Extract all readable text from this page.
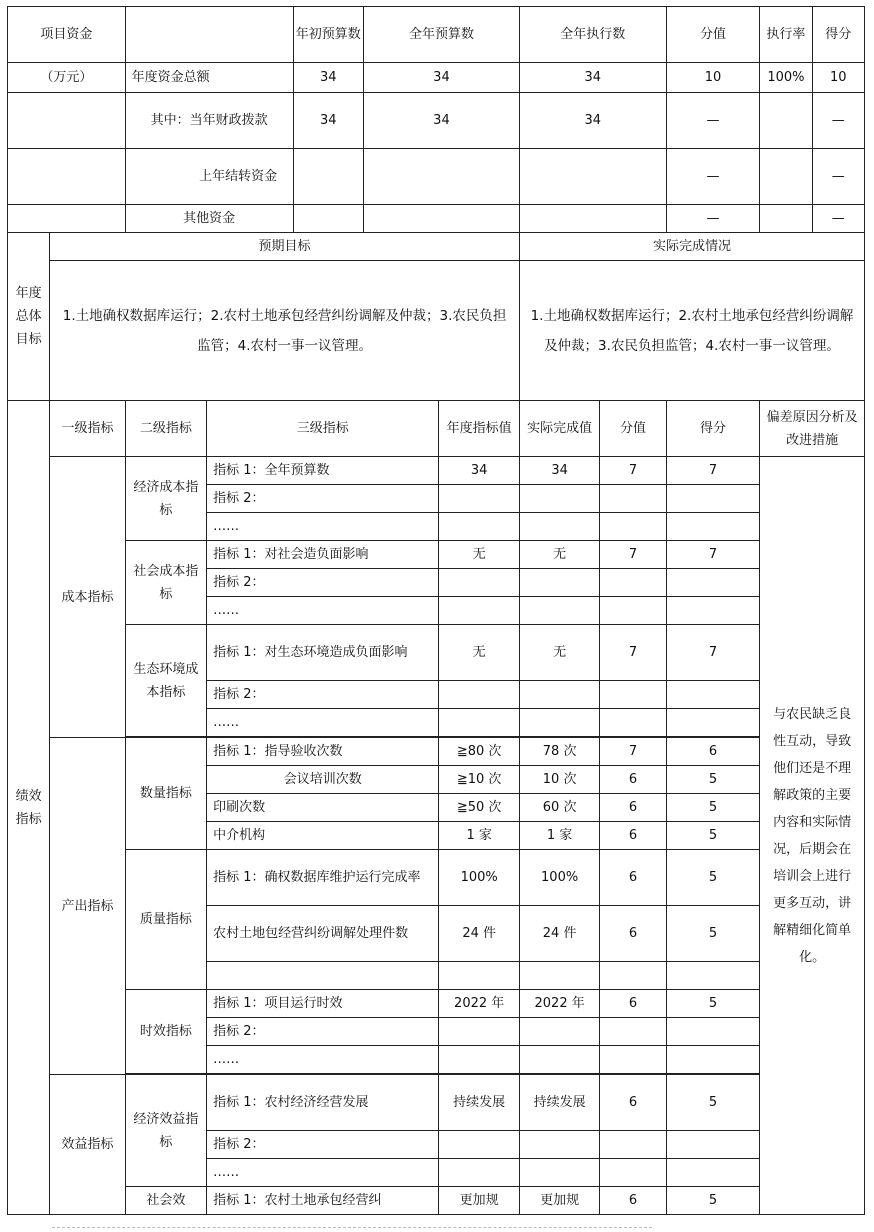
项目资金				年初预算数	全年预算数		全年执行数		分值	执行率	得分
（万元）		年度资金总额		34	34		34		10	100%	10
		其中：当年财政拨款		34	34		34		—		—
		上年结转资金							—		—
		其他资金							—		—
年度总体目标	预期目标						实际完成情况				
	1.土地确权数据库运行；2.农村土地承包经营纠纷调解及仲裁；3.农民负担监管；4.农村一事一议管理。						1.土地确权数据库运行；2.农村土地承包经营纠纷调解及仲裁；3.农民负担监管；4.农村一事一议管理。				
绩效指标	一级指标	二级指标	三级指标			年度指标值	实际完成值	分值	得分	偏差原因分析及改进措施	
	成本指标	经济成本指标	指标 1：全年预算数			34	34	7	7	与农民缺乏良性互动，导致他们还是不理解政策的主要内容和实际情况，后期会在培训会上进行更多互动，讲解精细化简单化。	
			指标 2：								
			……								
		社会成本指标	指标 1：对社会造负面影响			无	无	7	7		
			指标 2：								
			……								
		生态环境成本指标	指标 1：对生态环境造成负面影响			无	无	7	7		
			指标 2：								
			……								

	产出指标	数量指标	指标 1：指导验收次数			≧80 次	78 次	7	6		
			会议培训次数			≧10 次	10 次	6	5		
			印刷次数			≧50 次	60 次	6	5		
			中介机构			1 家	1 家	6	5		
		质量指标	指标 1：确权数据库维护运行完成率			100%	100%	6	5		
			农村土地包经营纠纷调解处理件数			24 件	24 件	6	5		

		时效指标	指标 1：项目运行时效			2022 年	2022 年	6	5		
			指标 2：								
			……								

	效益指标	经济效益指标	指标 1：农村经济经营发展			持续发展	持续发展	6	5		
			指标 2：								
			……								
		社会效	指标 1：农村土地承包经营纠			更加规	更加规	6	5		
